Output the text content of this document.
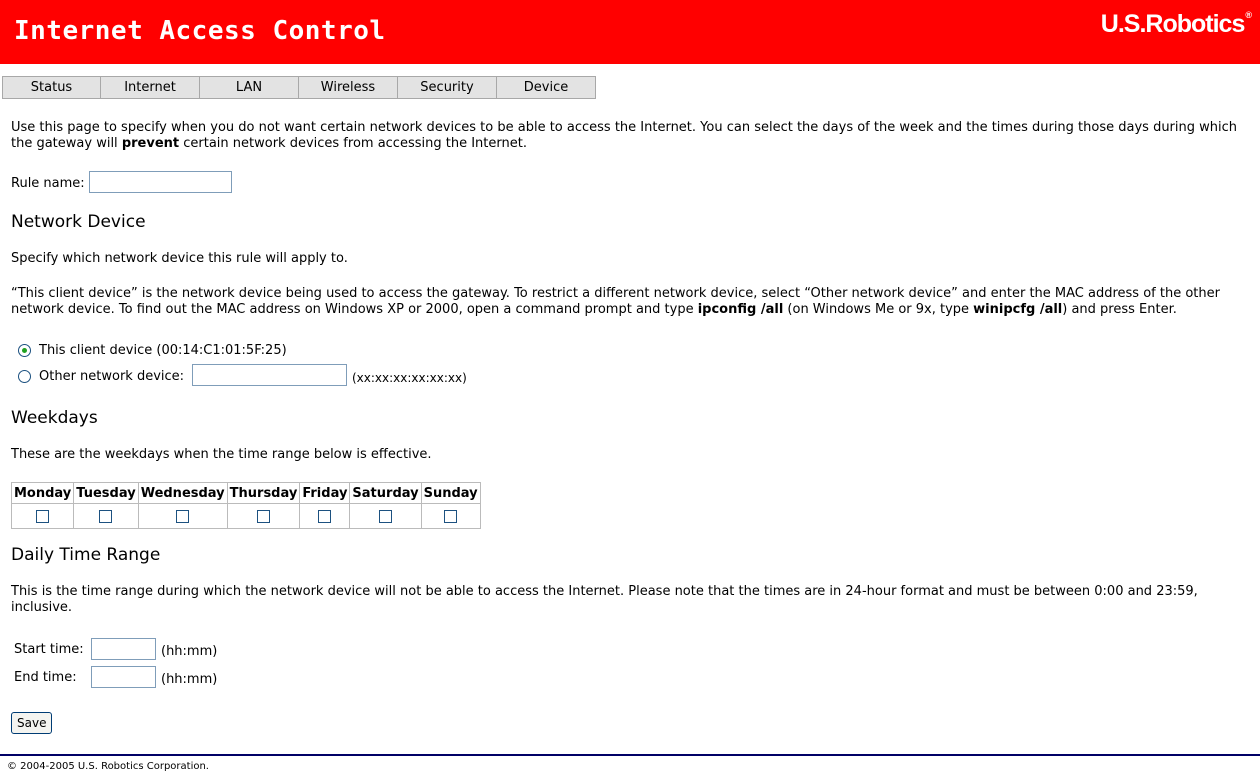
Internet Access Control	U.S.Robotics®
Status	Internet	LAN	Wireless	Security	Device
Use this page to specify when you do not want certain network devices to be able to access the Internet. You can select the days of the week and the times during those days during which the gateway will prevent certain network devices from accessing the Internet.
Rule name:
Network Device
Specify which network device this rule will apply to.
“This client device” is the network device being used to access the gateway. To restrict a different network device, select “Other network device” and enter the MAC address of the other network device. To find out the MAC address on Windows XP or 2000, open a command prompt and type ipconfig /all (on Windows Me or 9x, type winipcfg /all) and press Enter.
This client device (00:14:C1:01:5F:25)
Other network device:	(xx:xx:xx:xx:xx:xx)
Weekdays
These are the weekdays when the time range below is effective.
Monday	Tuesday	Wednesday	Thursday	Friday	Saturday	Sunday

Daily Time Range
This is the time range during which the network device will not be able to access the Internet. Please note that the times are in 24-hour format and must be between 0:00 and 23:59, inclusive.
Start time:	(hh:mm)
End time:	(hh:mm)
Save
© 2004-2005 U.S. Robotics Corporation.
